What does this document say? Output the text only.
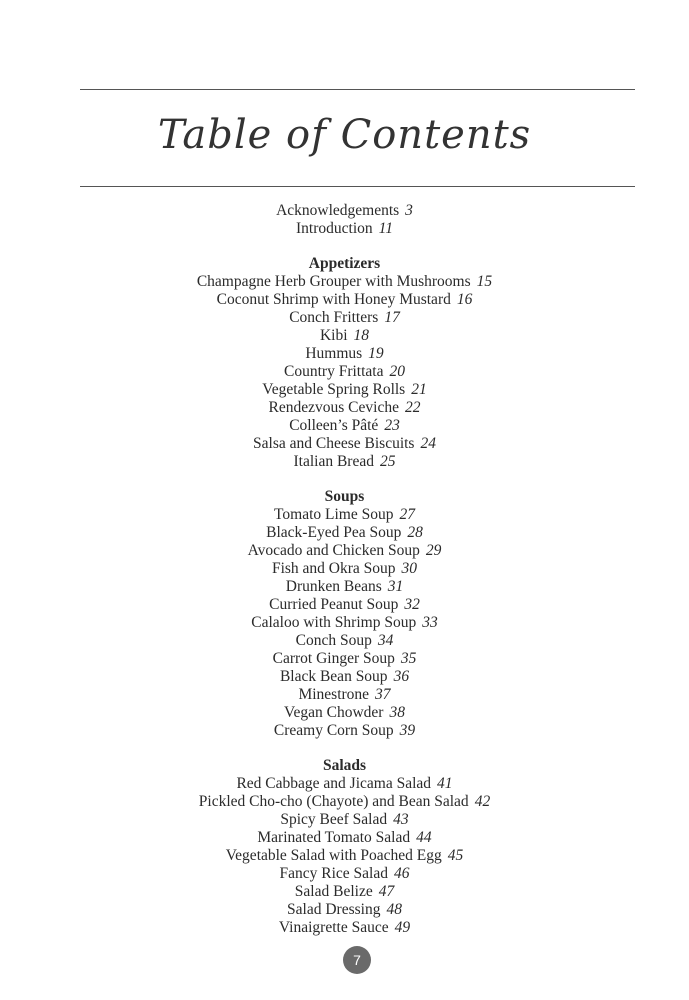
Table of Contents
Acknowledgements 3
Introduction 11
Appetizers
Champagne Herb Grouper with Mushrooms 15
Coconut Shrimp with Honey Mustard 16
Conch Fritters 17
Kibi 18
Hummus 19
Country Frittata 20
Vegetable Spring Rolls 21
Rendezvous Ceviche 22
Colleen’s Pâté 23
Salsa and Cheese Biscuits 24
Italian Bread 25
Soups
Tomato Lime Soup 27
Black-Eyed Pea Soup 28
Avocado and Chicken Soup 29
Fish and Okra Soup 30
Drunken Beans 31
Curried Peanut Soup 32
Calaloo with Shrimp Soup 33
Conch Soup 34
Carrot Ginger Soup 35
Black Bean Soup 36
Minestrone 37
Vegan Chowder 38
Creamy Corn Soup 39
Salads
Red Cabbage and Jicama Salad 41
Pickled Cho-cho (Chayote) and Bean Salad 42
Spicy Beef Salad 43
Marinated Tomato Salad 44
Vegetable Salad with Poached Egg 45
Fancy Rice Salad 46
Salad Belize 47
Salad Dressing 48
Vinaigrette Sauce 49
7
